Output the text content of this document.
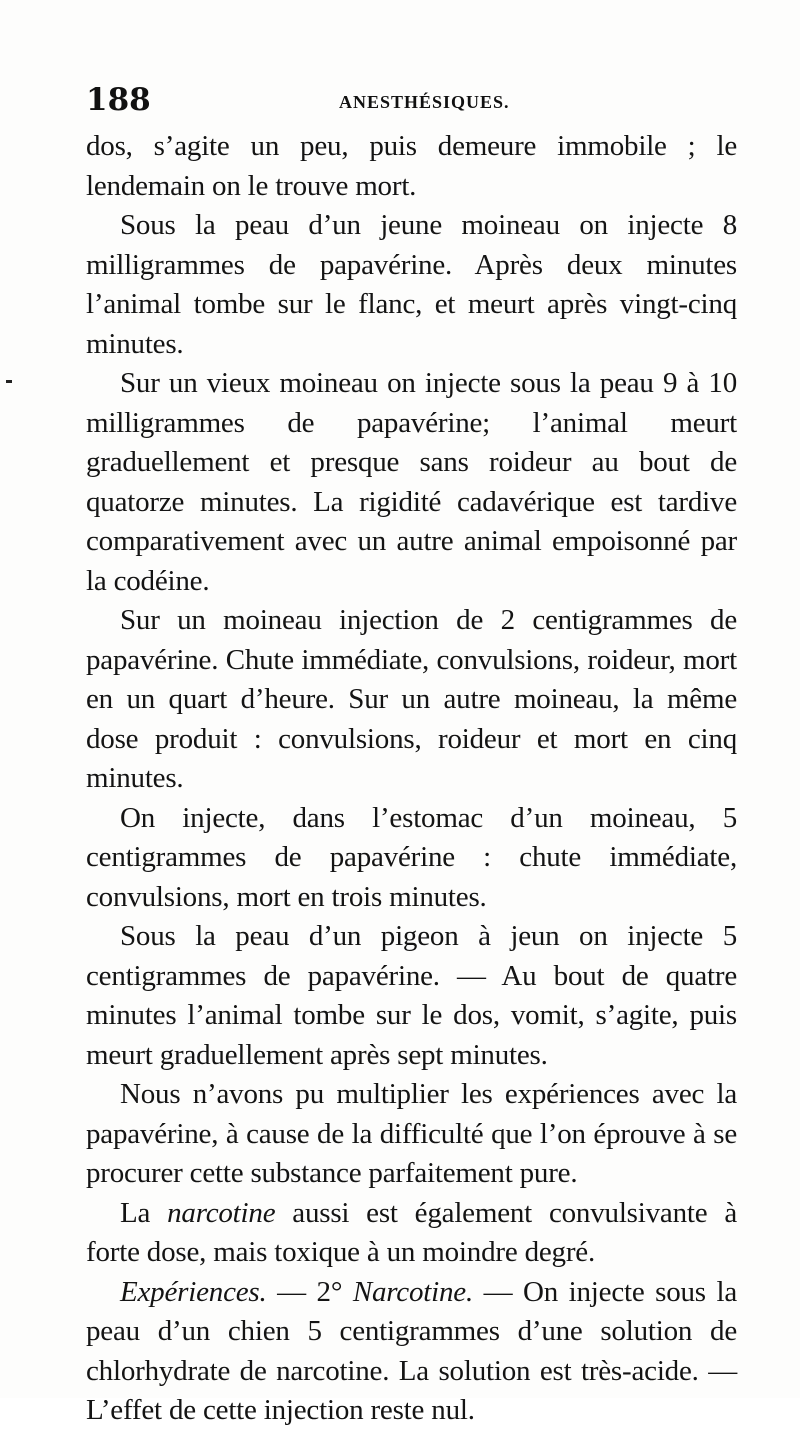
188	ANESTHÉSIQUES.

dos, s’agite un peu, puis demeure immobile ; le lendemain on le trouve mort.

Sous la peau d’un jeune moineau on injecte 8 milligrammes de papavérine. Après deux minutes l’animal tombe sur le flanc, et meurt après vingt-cinq minutes.

Sur un vieux moineau on injecte sous la peau 9 à 10 milligrammes de papavérine; l’animal meurt graduellement et presque sans roideur au bout de quatorze minutes. La rigidité cadavérique est tardive comparativement avec un autre animal empoisonné par la codéine.

Sur un moineau injection de 2 centigrammes de papavérine. Chute immédiate, convulsions, roideur, mort en un quart d’heure. Sur un autre moineau, la même dose produit : convulsions, roideur et mort en cinq minutes.

On injecte, dans l’estomac d’un moineau, 5 centigrammes de papavérine : chute immédiate, convulsions, mort en trois minutes.

Sous la peau d’un pigeon à jeun on injecte 5 centigrammes de papavérine. — Au bout de quatre minutes l’animal tombe sur le dos, vomit, s’agite, puis meurt graduellement après sept minutes.

Nous n’avons pu multiplier les expériences avec la papavérine, à cause de la difficulté que l’on éprouve à se procurer cette substance parfaitement pure.

La narcotine aussi est également convulsivante à forte dose, mais toxique à un moindre degré.

Expériences. — 2° Narcotine. — On injecte sous la peau d’un chien 5 centigrammes d’une solution de chlorhydrate de narcotine. La solution est très-acide. — L’effet de cette injection reste nul.
